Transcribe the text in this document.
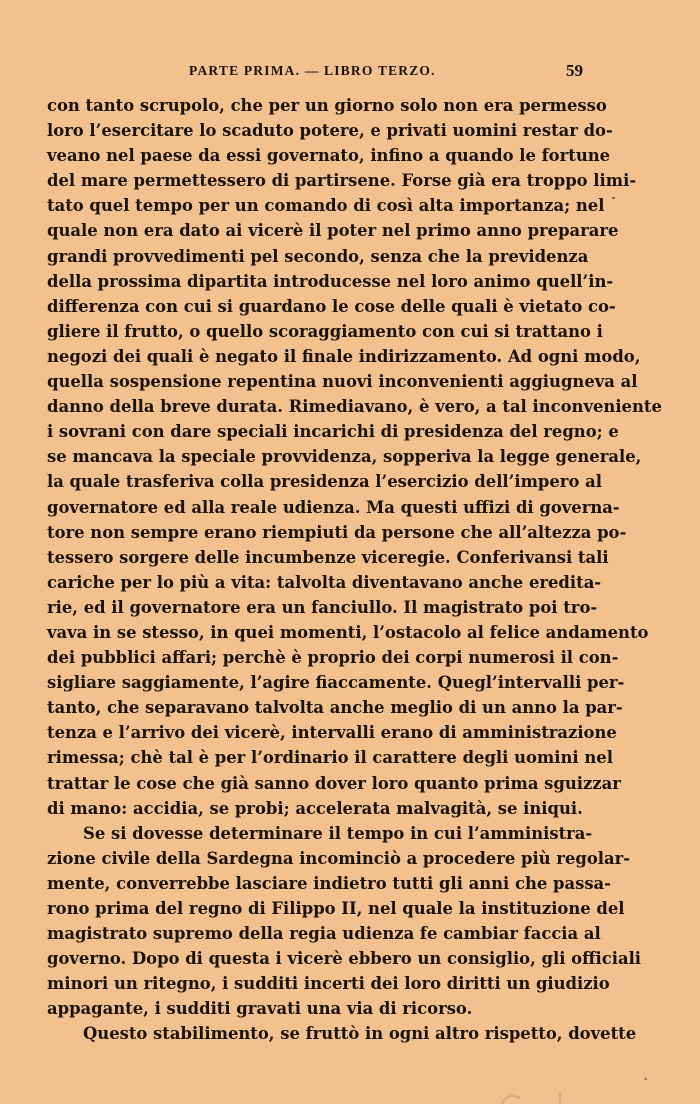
PARTE PRIMA. — LIBRO TERZO.	59
con tanto scrupolo, che per un giorno solo non era permesso
loro l’esercitare lo scaduto potere, e privati uomini restar do-
veano nel paese da essi governato, infino a quando le fortune
del mare permettessero di partirsene. Forse già era troppo limi-
tato quel tempo per un comando di così alta importanza; nel
quale non era dato ai vicerè il poter nel primo anno preparare
grandi provvedimenti pel secondo, senza che la previdenza
della prossima dipartita introducesse nel loro animo quell’in-
differenza con cui si guardano le cose delle quali è vietato co-
gliere il frutto, o quello scoraggiamento con cui si trattano i
negozi dei quali è negato il finale indirizzamento. Ad ogni modo,
quella sospensione repentina nuovi inconvenienti aggiugneva al
danno della breve durata. Rimediavano, è vero, a tal inconveniente
i sovrani con dare speciali incarichi di presidenza del regno; e
se mancava la speciale provvidenza, sopperiva la legge generale,
la quale trasferiva colla presidenza l’esercizio dell’impero al
governatore ed alla reale udienza. Ma questi uffizi di governa-
tore non sempre erano riempiuti da persone che all’altezza po-
tessero sorgere delle incumbenze viceregie. Conferivansi tali
cariche per lo più a vita: talvolta diventavano anche eredita-
rie, ed il governatore era un fanciullo. Il magistrato poi tro-
vava in se stesso, in quei momenti, l’ostacolo al felice andamento
dei pubblici affari; perchè è proprio dei corpi numerosi il con-
sigliare saggiamente, l’agire fiaccamente. Quegl’intervalli per-
tanto, che separavano talvolta anche meglio di un anno la par-
tenza e l’arrivo dei vicerè, intervalli erano di amministrazione
rimessa; chè tal è per l’ordinario il carattere degli uomini nel
trattar le cose che già sanno dover loro quanto prima sguizzar
di mano: accidia, se probi; accelerata malvagità, se iniqui.
Se si dovesse determinare il tempo in cui l’amministra-
zione civile della Sardegna incominciò a procedere più regolar-
mente, converrebbe lasciare indietro tutti gli anni che passa-
rono prima del regno di Filippo II, nel quale la instituzione del
magistrato supremo della regia udienza fe cambiar faccia al
governo. Dopo di questa i vicerè ebbero un consiglio, gli officiali
minori un ritegno, i sudditi incerti dei loro diritti un giudizio
appagante, i sudditi gravati una via di ricorso.
Questo stabilimento, se fruttò in ogni altro rispetto, dovette
